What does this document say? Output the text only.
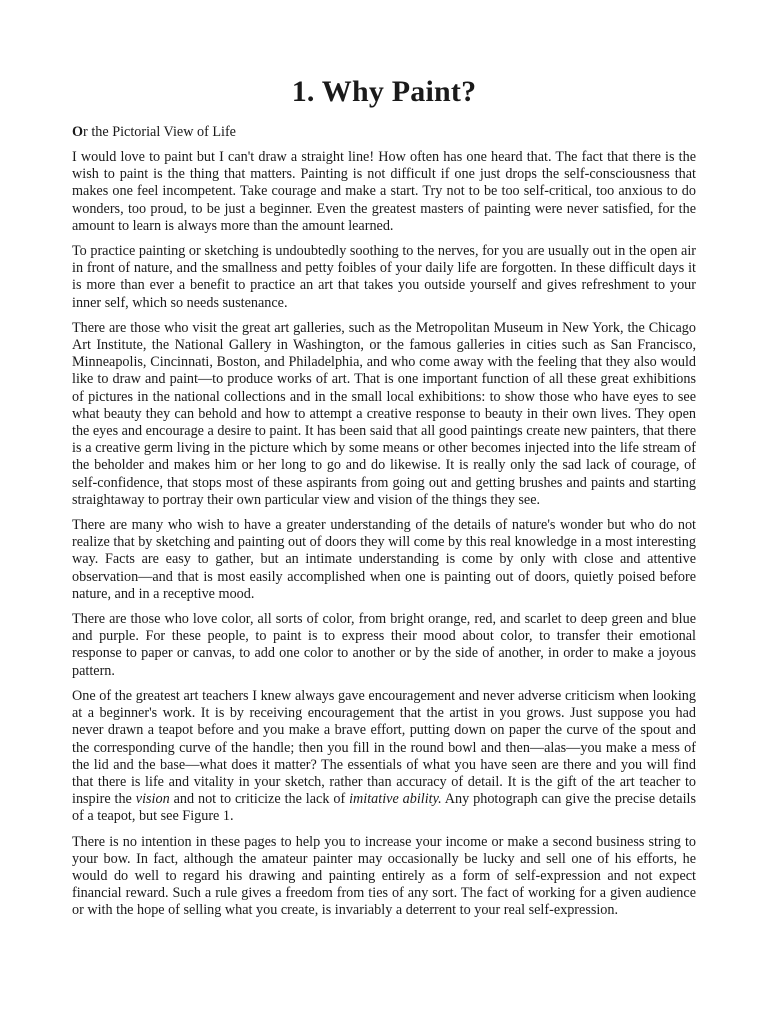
1. Why Paint?
Or the Pictorial View of Life

I would love to paint but I can't draw a straight line! How often has one heard that. The fact that there is the wish to paint is the thing that matters. Painting is not difficult if one just drops the self-consciousness that makes one feel incompetent. Take courage and make a start. Try not to be too self-critical, too anxious to do wonders, too proud, to be just a beginner. Even the greatest masters of painting were never satisfied, for the amount to learn is always more than the amount learned.

To practice painting or sketching is undoubtedly soothing to the nerves, for you are usually out in the open air in front of nature, and the smallness and petty foibles of your daily life are forgotten. In these difficult days it is more than ever a benefit to practice an art that takes you outside yourself and gives refreshment to your inner self, which so needs sustenance.

There are those who visit the great art galleries, such as the Metropolitan Museum in New York, the Chicago Art Institute, the National Gallery in Washington, or the famous galleries in cities such as San Francisco, Minneapolis, Cincinnati, Boston, and Philadelphia, and who come away with the feeling that they also would like to draw and paint—to produce works of art. That is one important function of all these great exhibitions of pictures in the national collections and in the small local exhibitions: to show those who have eyes to see what beauty they can behold and how to attempt a creative response to beauty in their own lives. They open the eyes and encourage a desire to paint. It has been said that all good paintings create new painters, that there is a creative germ living in the picture which by some means or other becomes injected into the life stream of the beholder and makes him or her long to go and do likewise. It is really only the sad lack of courage, of self-confidence, that stops most of these aspirants from going out and getting brushes and paints and starting straightaway to portray their own particular view and vision of the things they see.

There are many who wish to have a greater understanding of the details of nature's wonder but who do not realize that by sketching and painting out of doors they will come by this real knowledge in a most interesting way. Facts are easy to gather, but an intimate understanding is come by only with close and attentive observation—and that is most easily accomplished when one is painting out of doors, quietly poised before nature, and in a receptive mood.

There are those who love color, all sorts of color, from bright orange, red, and scarlet to deep green and blue and purple. For these people, to paint is to express their mood about color, to transfer their emotional response to paper or canvas, to add one color to another or by the side of another, in order to make a joyous pattern.

One of the greatest art teachers I knew always gave encouragement and never adverse criticism when looking at a beginner's work. It is by receiving encouragement that the artist in you grows. Just suppose you had never drawn a teapot before and you make a brave effort, putting down on paper the curve of the spout and the corresponding curve of the handle; then you fill in the round bowl and then—alas—you make a mess of the lid and the base—what does it matter? The essentials of what you have seen are there and you will find that there is life and vitality in your sketch, rather than accuracy of detail. It is the gift of the art teacher to inspire the vision and not to criticize the lack of imitative ability. Any photograph can give the precise details of a teapot, but see Figure 1.

There is no intention in these pages to help you to increase your income or make a second business string to your bow. In fact, although the amateur painter may occasionally be lucky and sell one of his efforts, he would do well to regard his drawing and painting entirely as a form of self-expression and not expect financial reward. Such a rule gives a freedom from ties of any sort. The fact of working for a given audience or with the hope of selling what you create, is invariably a deterrent to your real self-expression.
